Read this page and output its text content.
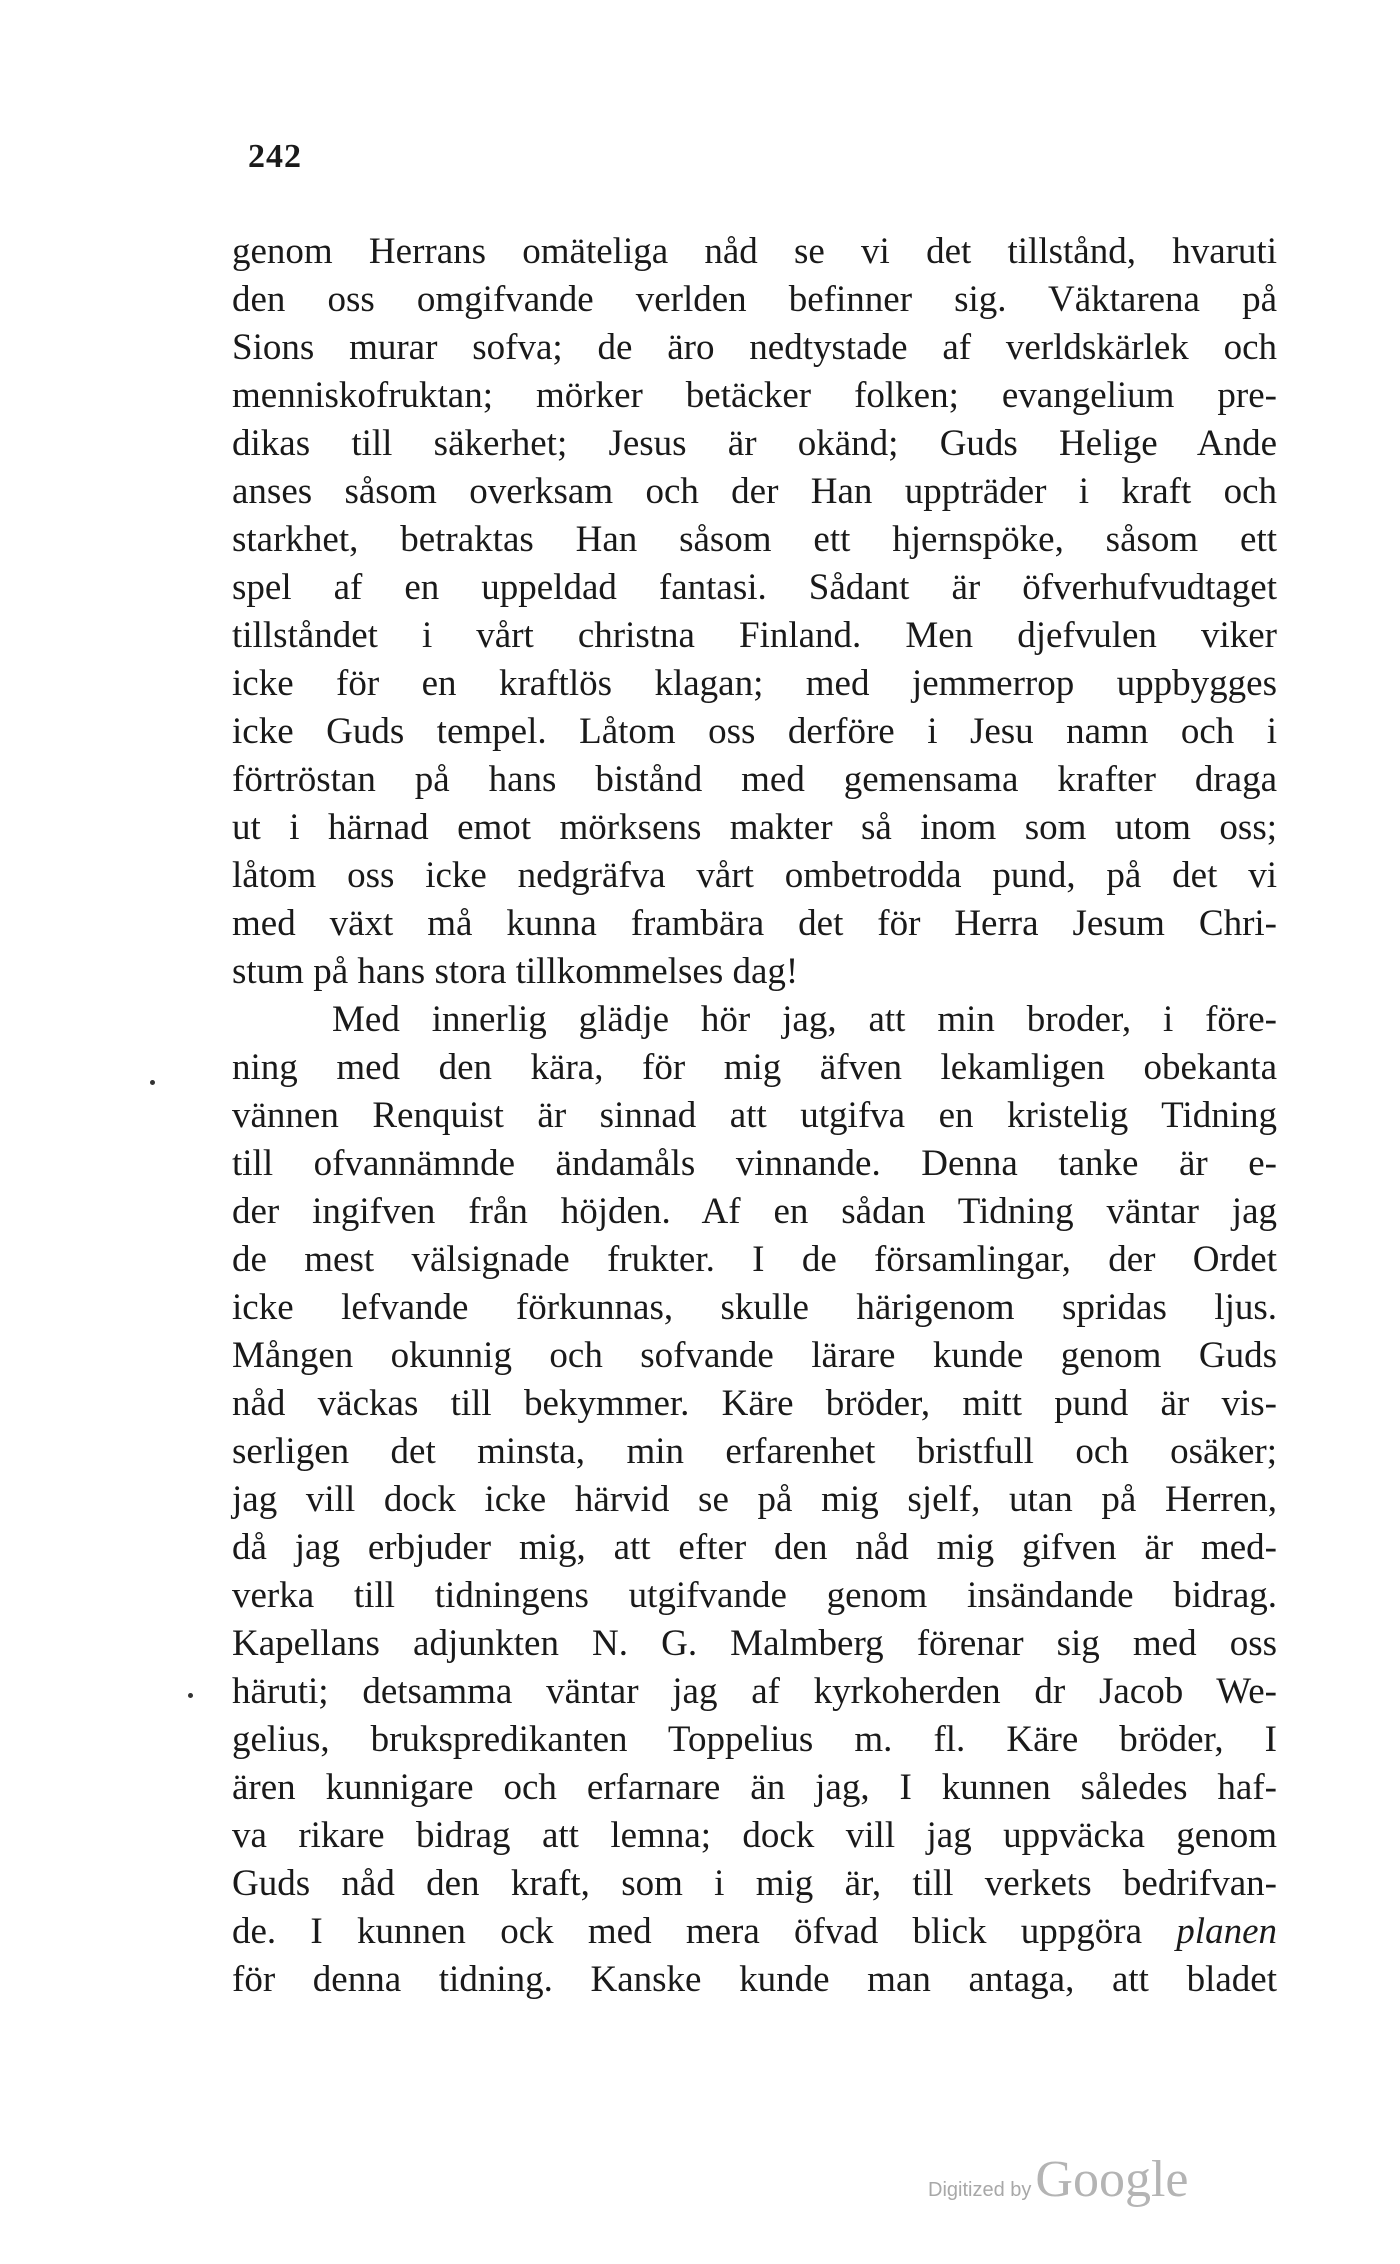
242
genom Herrans omäteliga nåd se vi det tillstånd, hvaruti
den oss omgifvande verlden befinner sig. Väktarena på
Sions murar sofva; de äro nedtystade af verldskärlek och
menniskofruktan; mörker betäcker folken; evangelium pre-
dikas till säkerhet; Jesus är okänd; Guds Helige Ande
anses såsom overksam och der Han uppträder i kraft och
starkhet, betraktas Han såsom ett hjernspöke, såsom ett
spel af en uppeldad fantasi. Sådant är öfverhufvudtaget
tillståndet i vårt christna Finland. Men djefvulen viker
icke för en kraftlös klagan; med jemmerrop uppbygges
icke Guds tempel. Låtom oss derföre i Jesu namn och i
förtröstan på hans bistånd med gemensama krafter draga
ut i härnad emot mörksens makter så inom som utom oss;
låtom oss icke nedgräfva vårt ombetrodda pund, på det vi
med växt må kunna frambära det för Herra Jesum Chri-
stum på hans stora tillkommelses dag!
Med innerlig glädje hör jag, att min broder, i före-
ning med den kära, för mig äfven lekamligen obekanta
vännen Renquist är sinnad att utgifva en kristelig Tidning
till ofvannämnde ändamåls vinnande. Denna tanke är e-
der ingifven från höjden. Af en sådan Tidning väntar jag
de mest välsignade frukter. I de församlingar, der Ordet
icke lefvande förkunnas, skulle härigenom spridas ljus.
Mången okunnig och sofvande lärare kunde genom Guds
nåd väckas till bekymmer. Käre bröder, mitt pund är vis-
serligen det minsta, min erfarenhet bristfull och osäker;
jag vill dock icke härvid se på mig sjelf, utan på Herren,
då jag erbjuder mig, att efter den nåd mig gifven är med-
verka till tidningens utgifvande genom insändande bidrag.
Kapellans adjunkten N. G. Malmberg förenar sig med oss
häruti; detsamma väntar jag af kyrkoherden dr Jacob We-
gelius, brukspredikanten Toppelius m. fl. Käre bröder, I
ären kunnigare och erfarnare än jag, I kunnen således haf-
va rikare bidrag att lemna; dock vill jag uppväcka genom
Guds nåd den kraft, som i mig är, till verkets bedrifvan-
de. I kunnen ock med mera öfvad blick uppgöra planen
för denna tidning. Kanske kunde man antaga, att bladet
Digitized by Google
